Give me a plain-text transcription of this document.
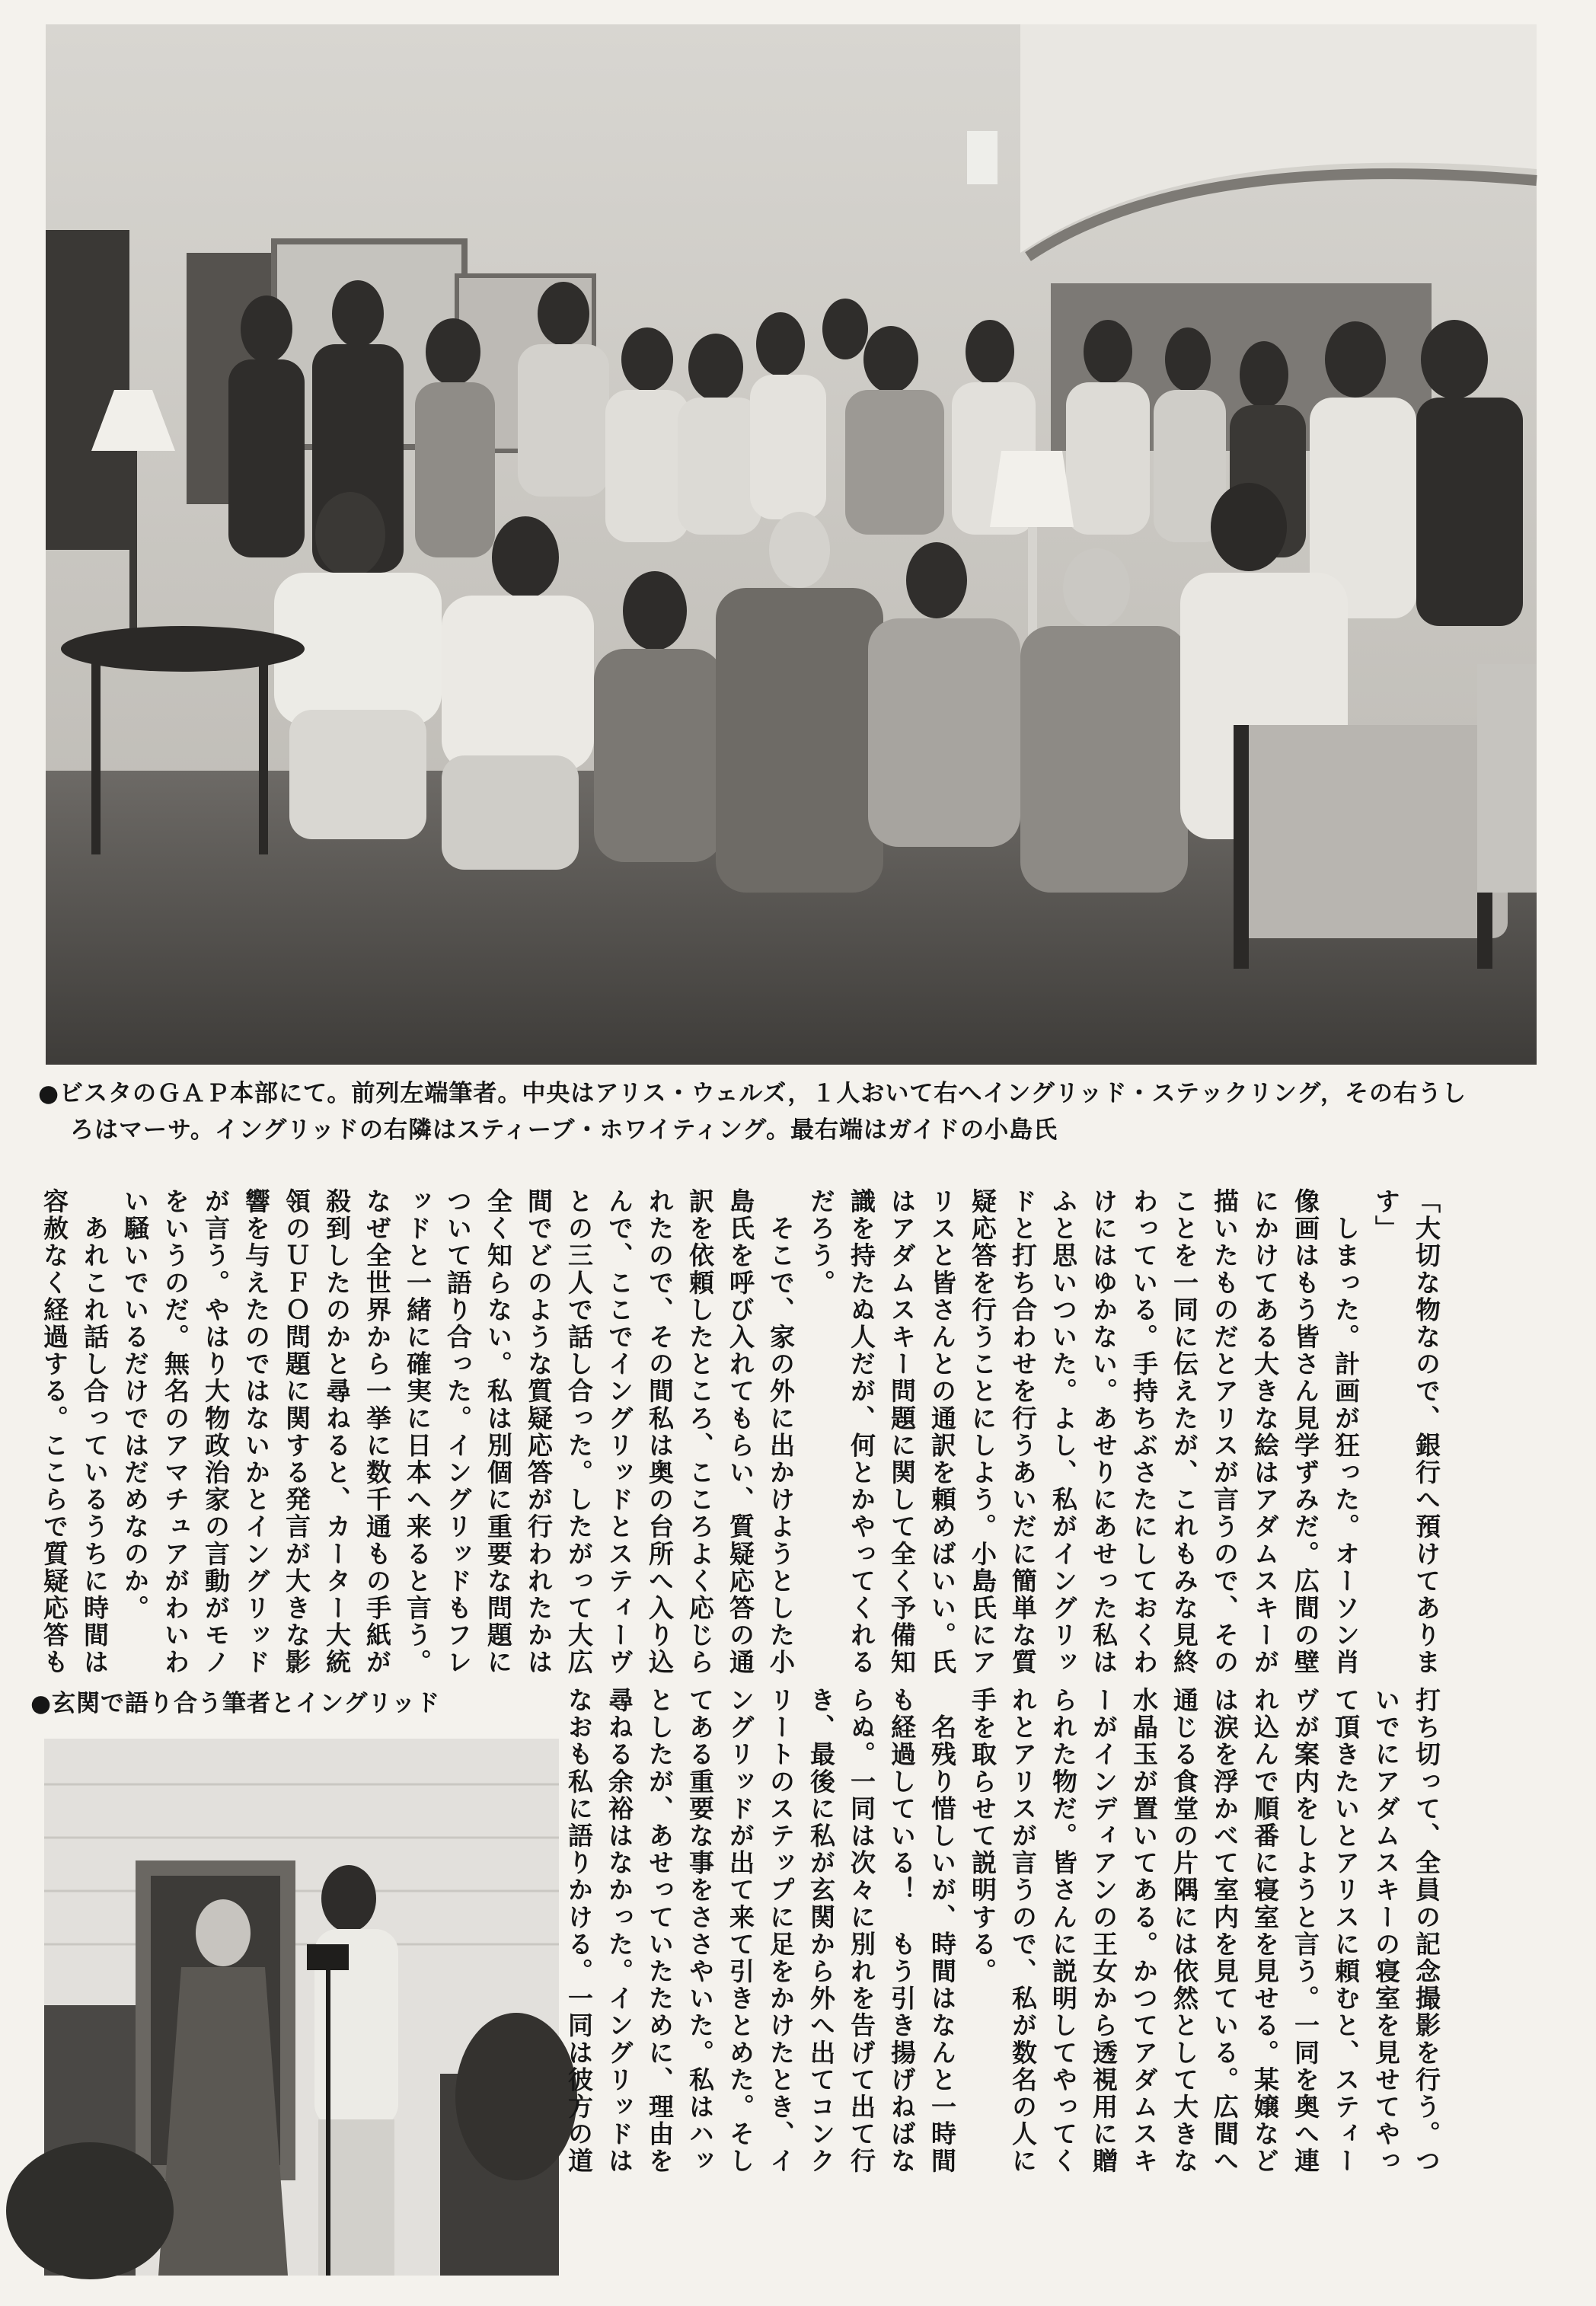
●ビスタのＧＡＰ本部にて。前列左端筆者。中央はアリス・ウェルズ，１人おいて右へイングリッド・ステックリング，その右うし
ろはマーサ。イングリッドの右隣はスティーブ・ホワイティング。最右端はガイドの小島氏
「大切な物なので、銀行へ預けてありま
す」
　しまった。計画が狂った。オーソン肖
像画はもう皆さん見学ずみだ。広間の壁
にかけてある大きな絵はアダムスキーが
描いたものだとアリスが言うので、その
ことを一同に伝えたが、これもみな見終
わっている。手持ちぶさたにしておくわ
けにはゆかない。あせりにあせった私は
ふと思いついた。よし、私がイングリッ
ドと打ち合わせを行うあいだに簡単な質
疑応答を行うことにしよう。小島氏にア
リスと皆さんとの通訳を頼めばいい。氏
はアダムスキー問題に関して全く予備知
識を持たぬ人だが、何とかやってくれる
だろう。
　そこで、家の外に出かけようとした小
島氏を呼び入れてもらい、質疑応答の通
訳を依頼したところ、こころよく応じら
れたので、その間私は奥の台所へ入り込
んで、ここでイングリッドとスティーヴ
との三人で話し合った。したがって大広
間でどのような質疑応答が行われたかは
全く知らない。私は別個に重要な問題に
ついて語り合った。イングリッドもフレ
ッドと一緒に確実に日本へ来ると言う。
なぜ全世界から一挙に数千通もの手紙が
殺到したのかと尋ねると、カーター大統
領のＵＦＯ問題に関する発言が大きな影
響を与えたのではないかとイングリッド
が言う。やはり大物政治家の言動がモノ
をいうのだ。無名のアマチュアがわいわ
い騒いでいるだけではだめなのか。
　あれこれ話し合っているうちに時間は
容赦なく経過する。ここらで質疑応答も
●玄関で語り合う筆者とイングリッド	打ち切って、全員の記念撮影を行う。つ
いでにアダムスキーの寝室を見せてやっ
て頂きたいとアリスに頼むと、スティー
ヴが案内をしようと言う。一同を奥へ連
れ込んで順番に寝室を見せる。某嬢など
は涙を浮かべて室内を見ている。広間へ
通じる食堂の片隅には依然として大きな
水晶玉が置いてある。かつてアダムスキ
ーがインディアンの王女から透視用に贈
られた物だ。皆さんに説明してやってく
れとアリスが言うので、私が数名の人に
手を取らせて説明する。
　名残り惜しいが、時間はなんと一時間
も経過している！　もう引き揚げねばな
らぬ。一同は次々に別れを告げて出て行
き、最後に私が玄関から外へ出てコンク
リートのステップに足をかけたとき、イ
ングリッドが出て来て引きとめた。そし
てある重要な事をささやいた。私はハッ
としたが、あせっていたために、理由を
尋ねる余裕はなかった。イングリッドは
なおも私に語りかける。一同は彼方の道
